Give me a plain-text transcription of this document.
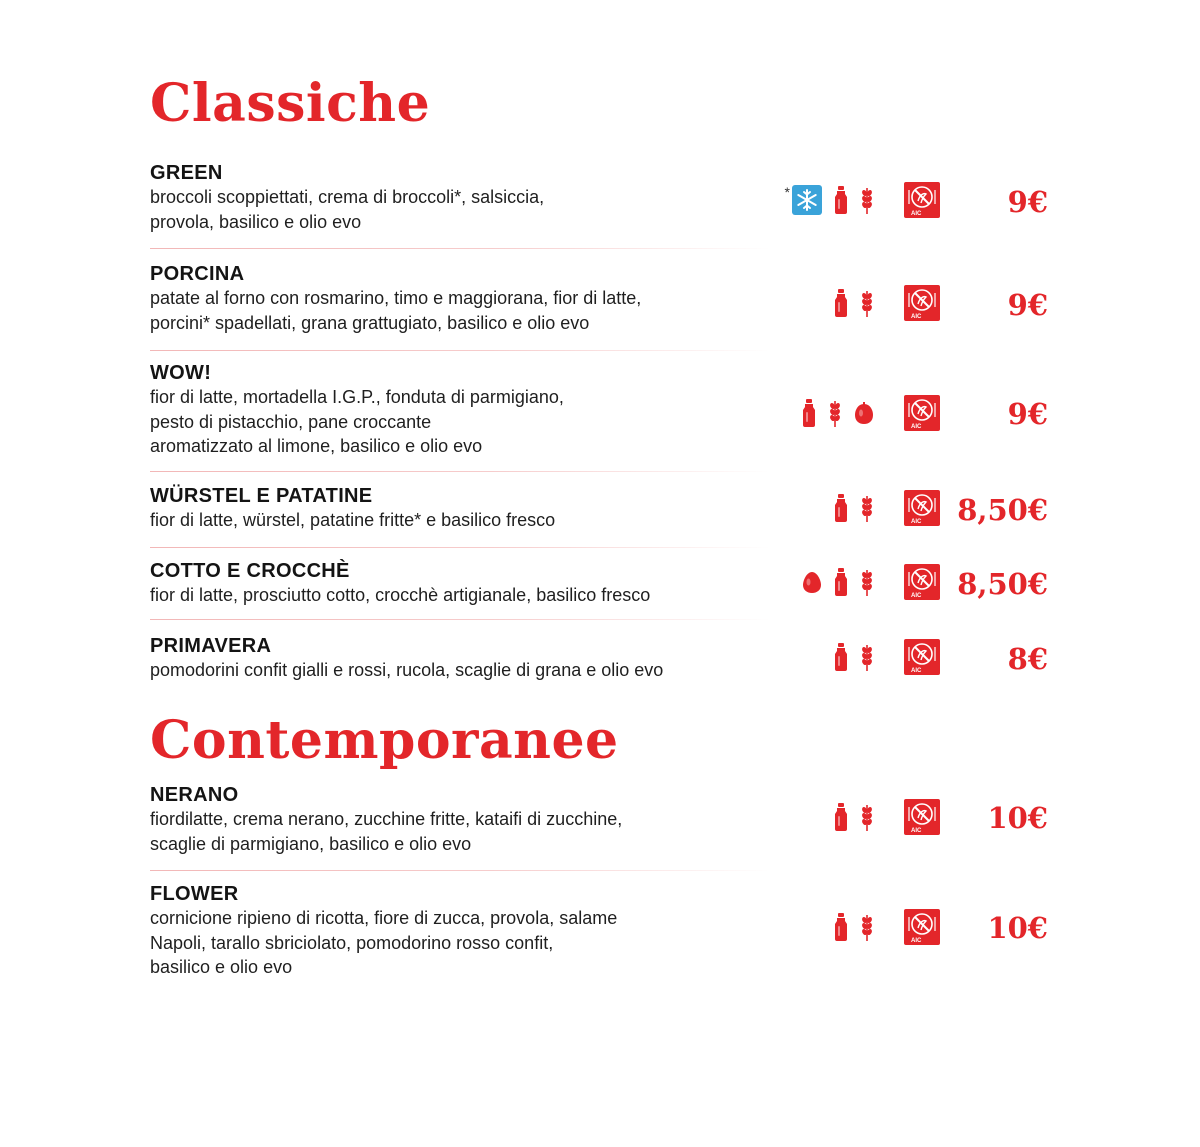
Classiche
Contemporanee
GREEN
broccoli scoppiettati, crema di broccoli*, salsiccia,
provola, basilico e olio evo
*
AIC	9€
PORCINA
patate al forno con rosmarino, timo e maggiorana, fior di latte,
porcini* spadellati, grana grattugiato, basilico e olio evo	AIC	9€
WOW!
fior di latte, mortadella I.G.P., fonduta di parmigiano,
pesto di pistacchio, pane croccante
aromatizzato al limone, basilico e olio evo
AIC	9€
WÜRSTEL E PATATINE
fior di latte, würstel, patatine fritte* e basilico fresco	AIC 8,50€
COTTO E CROCCHÈ
fior di latte, prosciutto cotto, crocchè artigianale, basilico fresco	AIC 8,50€
PRIMAVERA
pomodorini confit gialli e rossi, rucola, scaglie di grana e olio evo	AIC	8€
NERANO
fiordilatte, crema nerano, zucchine fritte, kataifi di zucchine,
scaglie di parmigiano, basilico e olio evo
AIC	10€
FLOWER
cornicione ripieno di ricotta, fiore di zucca, provola, salame
Napoli, tarallo sbriciolato, pomodorino rosso confit,
basilico e olio evo
AIC	10€
